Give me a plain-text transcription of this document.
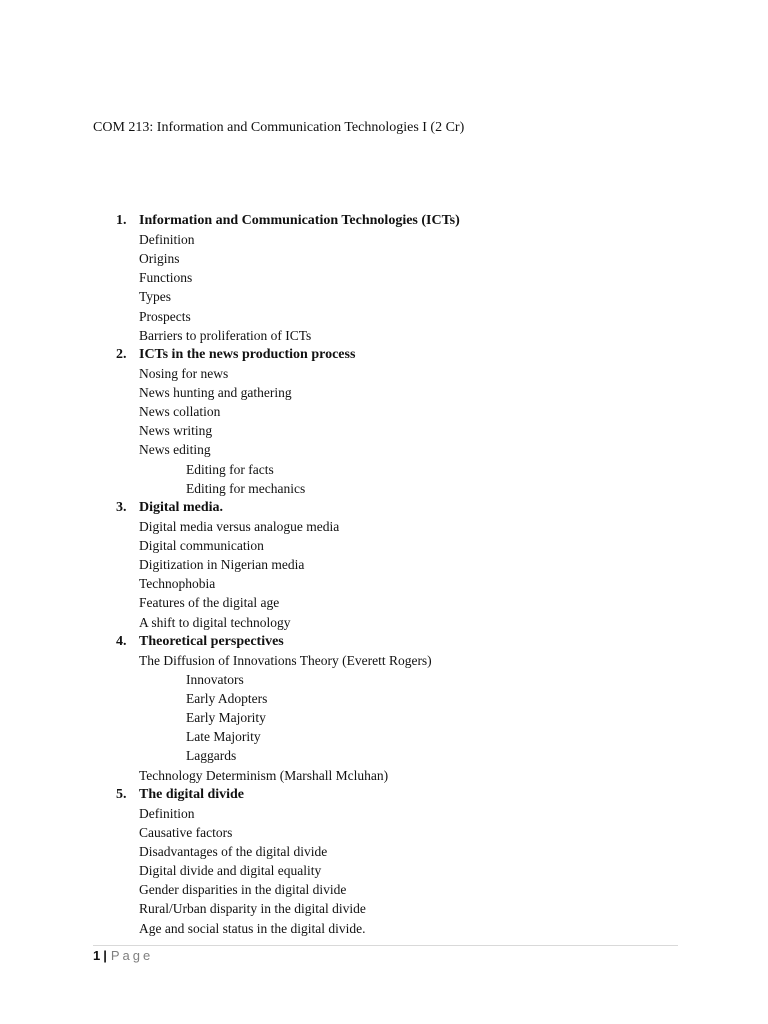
COM 213: Information and Communication Technologies I (2 Cr)
1. Information and Communication Technologies (ICTs)
Definition
Origins
Functions
Types
Prospects
Barriers to proliferation of ICTs
2. ICTs in the news production process
Nosing for news
News hunting and gathering
News collation
News writing
News editing
Editing for facts
Editing for mechanics
3. Digital media.
Digital media versus analogue media
Digital communication
Digitization in Nigerian media
Technophobia
Features of the digital age
A shift to digital technology
4. Theoretical perspectives
The Diffusion of Innovations Theory (Everett Rogers)
Innovators
Early Adopters
Early Majority
Late Majority
Laggards
Technology Determinism (Marshall Mcluhan)
5. The digital divide
Definition
Causative factors
Disadvantages of the digital divide
Digital divide and digital equality
Gender disparities in the digital divide
Rural/Urban disparity in the digital divide
Age and social status in the digital divide.
1 | Page
